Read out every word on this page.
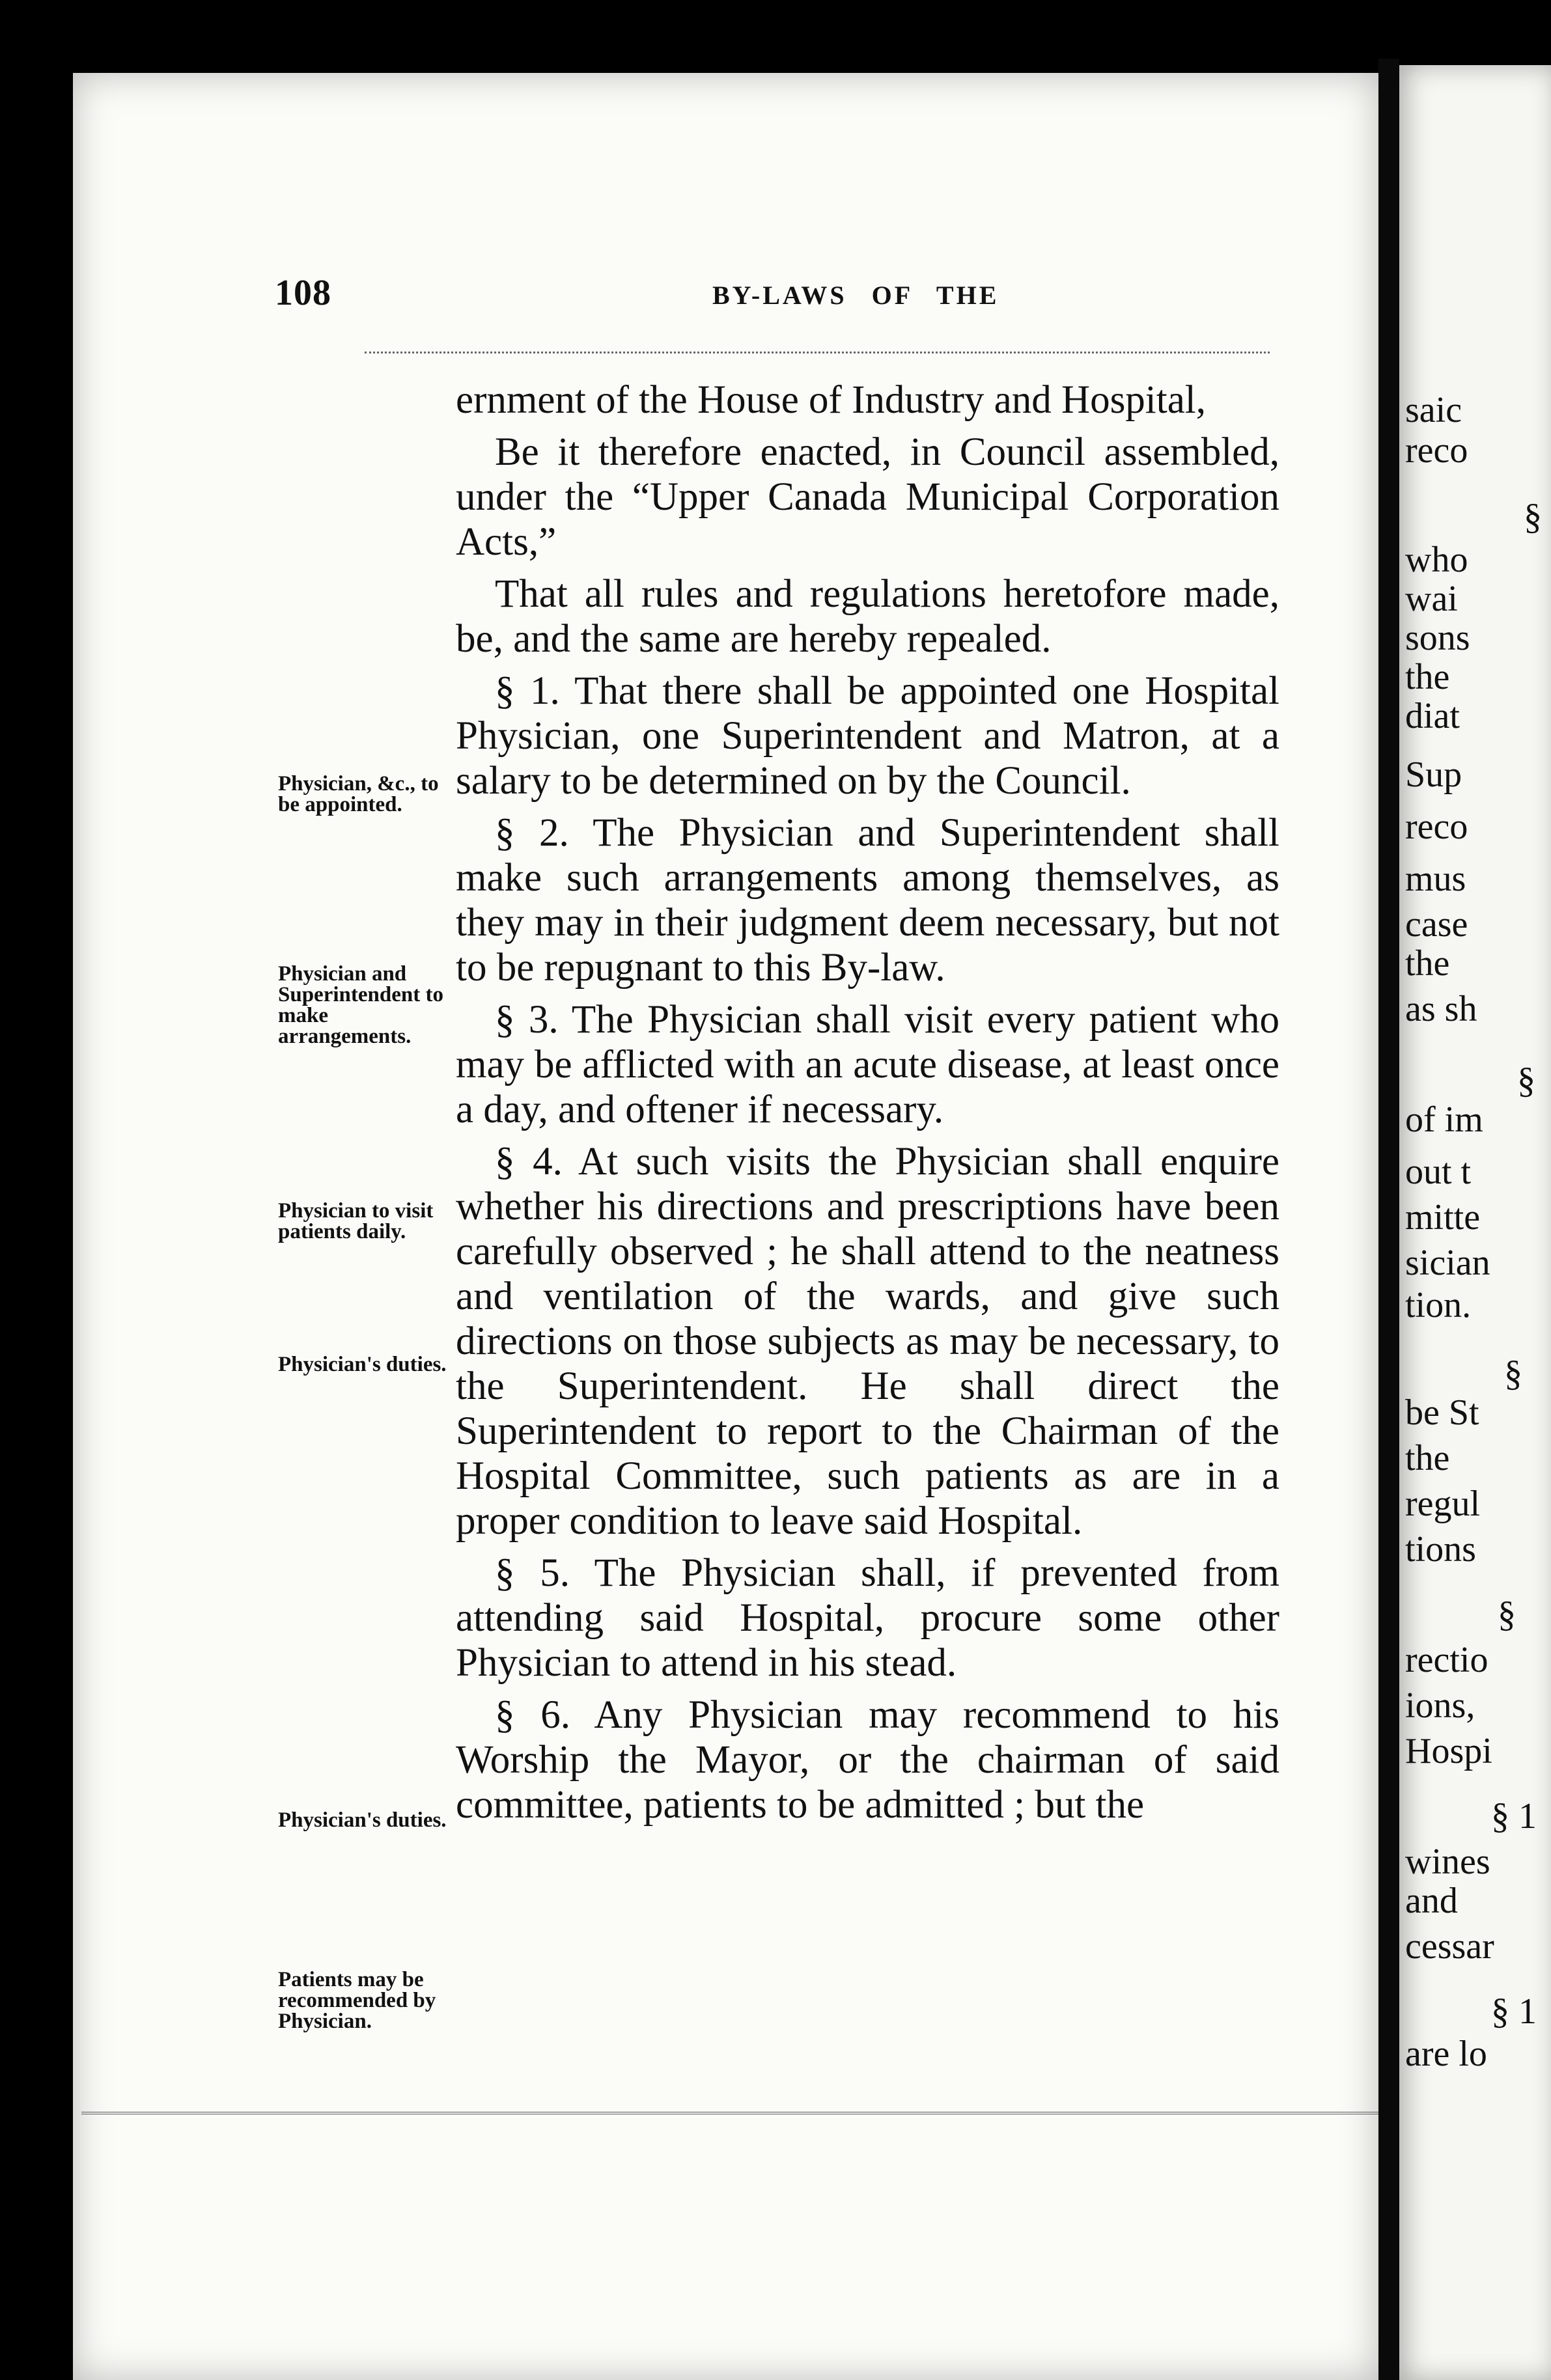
108	BY-LAWS OF THE

ernment of the House of Industry and Hospital,

Be it therefore enacted, in Council assembled, under the “Upper Canada Municipal Corporation Acts,”

That all rules and regulations heretofore made, be, and the same are hereby repealed.

§ 1. That there shall be appointed one Hospital Physician, one Superintendent and Matron, at a salary to be determined on by the Council.

§ 2. The Physician and Superintendent shall make such arrangements among themselves, as they may in their judgment deem necessary, but not to be repugnant to this By-law.

§ 3. The Physician shall visit every patient who may be afflicted with an acute disease, at least once a day, and oftener if necessary.

§ 4. At such visits the Physician shall enquire whether his directions and prescriptions have been carefully observed ; he shall attend to the neatness and ventilation of the wards, and give such directions on those subjects as may be necessary, to the Superintendent. He shall direct the Superintendent to report to the Chairman of the Hospital Committee, such patients as are in a proper condition to leave said Hospital.

§ 5. The Physician shall, if prevented from attending said Hospital, procure some other Physician to attend in his stead.

§ 6. Any Physician may recommend to his Worship the Mayor, or the chairman of said committee, patients to be admitted ; but the

Physician, &c., to be appointed.
Physician and Superintendent to make arrangements.
Physician to visit patients daily.
Physician's duties.
Physician's duties.
Patients may be recommended by Physician.
saic
reco
§
who
wai
sons
the
diat
Sup
reco
mus
case
the
as sh
§
of im
out t
mitte
sician
tion.
§
be St
the
regul
tions
§
rectio
ions,
Hospi
§ 1
wines
and
cessar
§ 1
are lo
